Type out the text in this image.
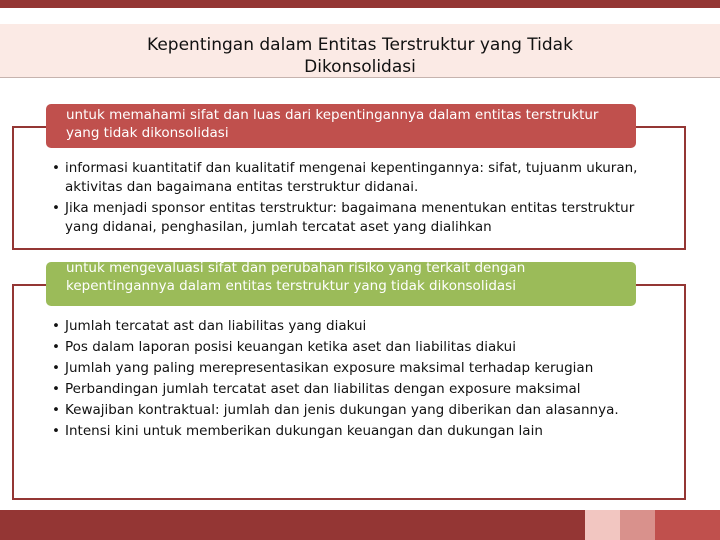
Kepentingan dalam Entitas Terstruktur yang Tidak Dikonsolidasi
untuk memahami sifat dan luas dari kepentingannya dalam entitas terstruktur yang tidak dikonsolidasi
• informasi kuantitatif dan kualitatif mengenai kepentingannya: sifat, tujuanm ukuran, aktivitas dan bagaimana entitas terstruktur didanai.
• Jika menjadi sponsor entitas terstruktur: bagaimana menentukan entitas terstruktur yang didanai, penghasilan, jumlah tercatat aset yang dialihkan
untuk mengevaluasi sifat dan perubahan risiko yang terkait dengan kepentingannya dalam entitas terstruktur yang tidak dikonsolidasi
• Jumlah tercatat ast dan liabilitas yang diakui
• Pos dalam laporan posisi keuangan ketika aset dan liabilitas diakui
• Jumlah yang paling merepresentasikan exposure maksimal terhadap kerugian
• Perbandingan jumlah tercatat aset dan liabilitas dengan exposure maksimal
• Kewajiban kontraktual: jumlah dan jenis dukungan yang diberikan dan alasannya.
• Intensi kini untuk memberikan dukungan keuangan dan dukungan lain
